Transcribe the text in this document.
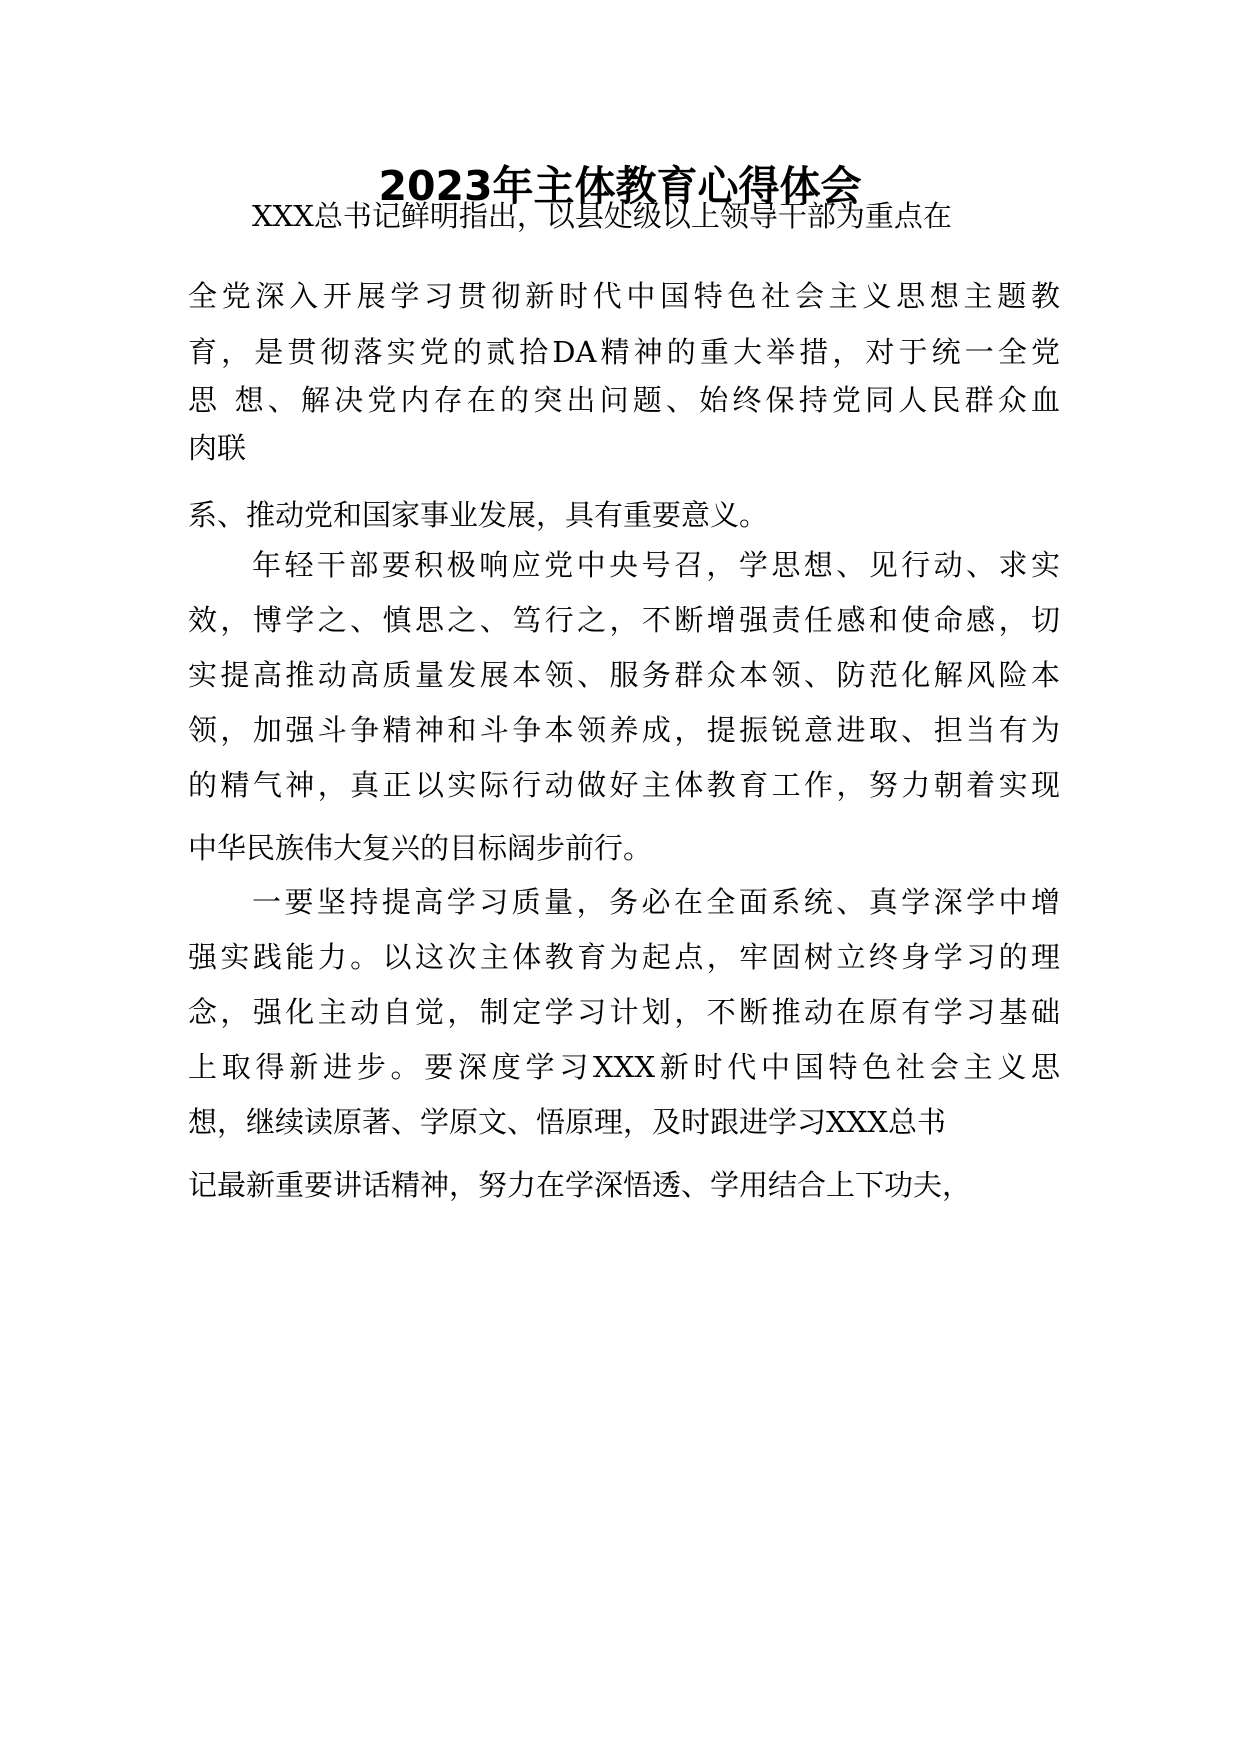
2023年主体教育心得体会

XXX总书记鲜明指出，以县处级以上领导干部为重点在

全党深入开展学习贯彻新时代中国特色社会主义思想主题教

育，是贯彻落实党的贰拾DA精神的重大举措，对于统一全党

思 想、解决党内存在的突出问题、始终保持党同人民群众血

肉联

系、推动党和国家事业发展，具有重要意义。

年轻干部要积极响应党中央号召，学思想、见行动、求实

效，博学之、慎思之、笃行之，不断增强责任感和使命感，切

实提高推动高质量发展本领、服务群众本领、防范化解风险本

领，加强斗争精神和斗争本领养成，提振锐意进取、担当有为

的精气神，真正以实际行动做好主体教育工作，努力朝着实现

中华民族伟大复兴的目标阔步前行。

一要坚持提高学习质量，务必在全面系统、真学深学中增

强实践能力。以这次主体教育为起点，牢固树立终身学习的理

念，强化主动自觉，制定学习计划，不断推动在原有学习基础

上取得新进步。要深度学习XXX新时代中国特色社会主义思

想，继续读原著、学原文、悟原理，及时跟进学习XXX总书

记最新重要讲话精神，努力在学深悟透、学用结合上下功夫，
